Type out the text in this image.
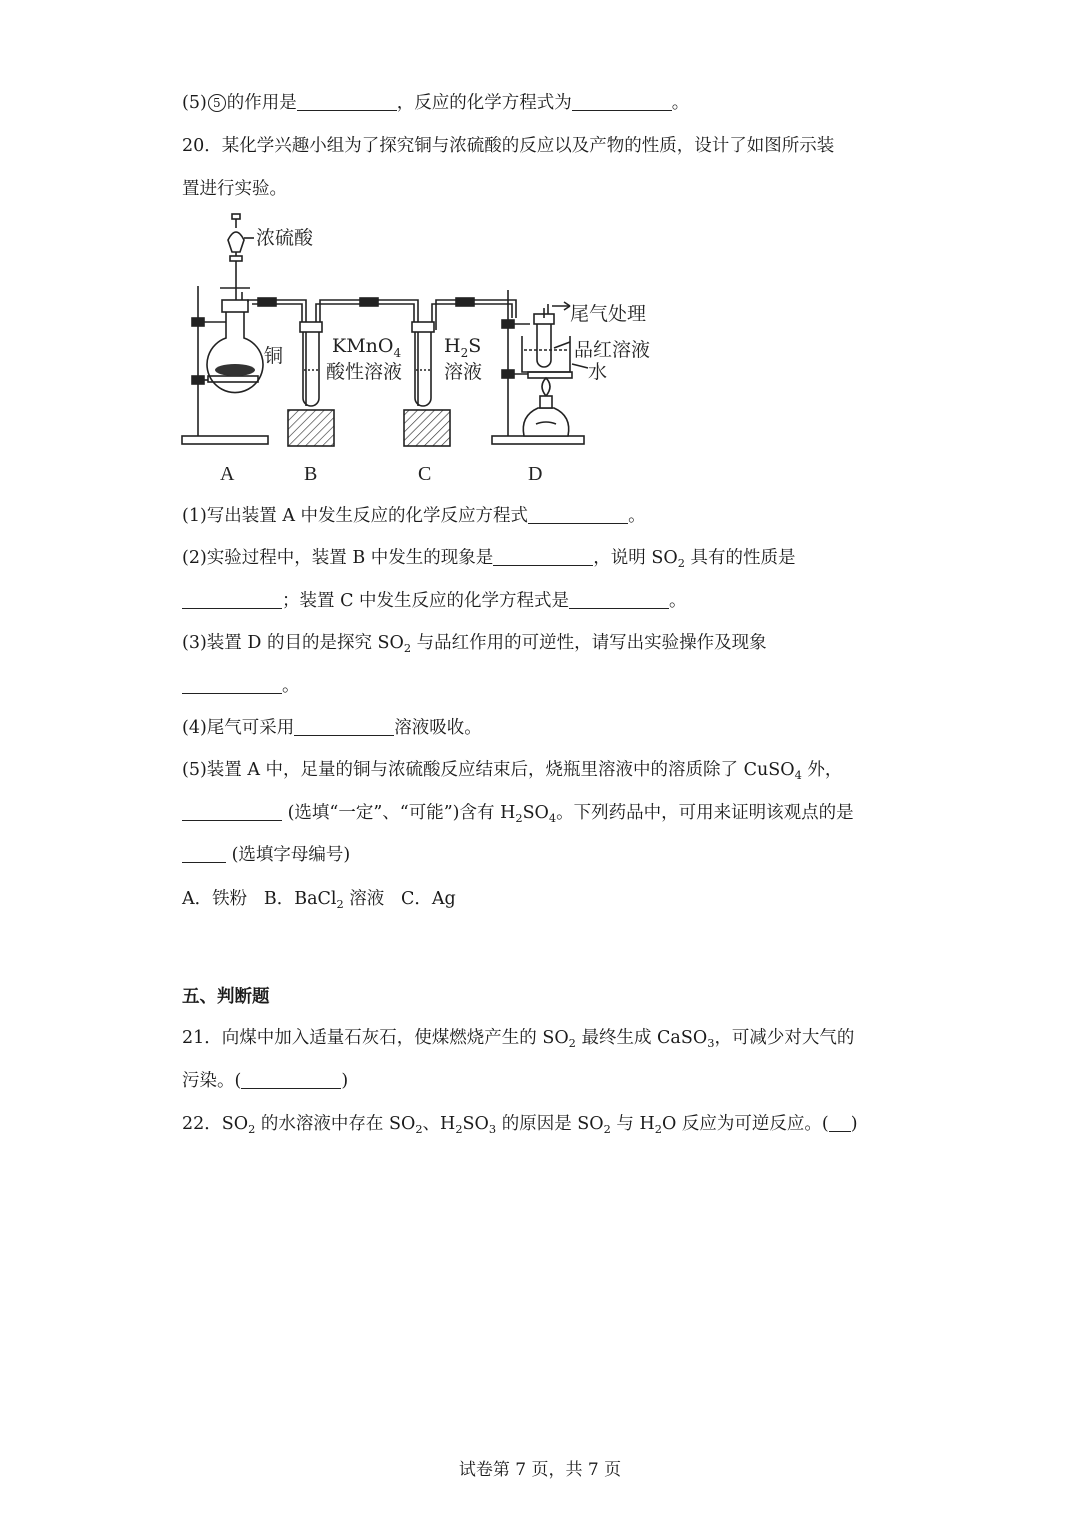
(5) 5 的作用是	，反应的化学方程式为	。

20．某化学兴趣小组为了探究铜与浓硫酸的反应以及产物的性质，设计了如图所示装

置进行实验。

浓硫酸
铜	KMnO$_4$
酸性溶液
$H_2S$
溶液
尾气处理
品红溶液
水
A	B	C	D

(1)写出装置 A 中发生反应的化学反应方程式	。

(2)实验过程中，装置 B 中发生的现象是	，说明 $SO_2$ 具有的性质是

；装置 C 中发生反应的化学方程式是	。

(3)装置 D 的目的是探究 $SO_2$ 与品红作用的可逆性，请写出实验操作及现象

。

(4)尾气可采用	溶液吸收。

(5)装置 A 中，足量的铜与浓硫酸反应结束后，烧瓶里溶液中的溶质除了 CuSO$_4$ 外，

(选填“一定”、“可能”)含有 $H_2SO_4$。下列药品中，可用来证明该观点的是

(选填字母编号)

A．铁粉 B．BaCl$_2$ 溶液 C．Ag

五、判断题

21．向煤中加入适量石灰石，使煤燃烧产生的 $SO_2$ 最终生成 CaSO$_3$，可减少对大气的

污染。(	)

22．$SO_2$ 的水溶液中存在 $SO_2$、$H_2SO_3$ 的原因是 $SO_2$ 与 $H_2O$ 反应为可逆反应。( )

试卷第 7 页，共 7 页
